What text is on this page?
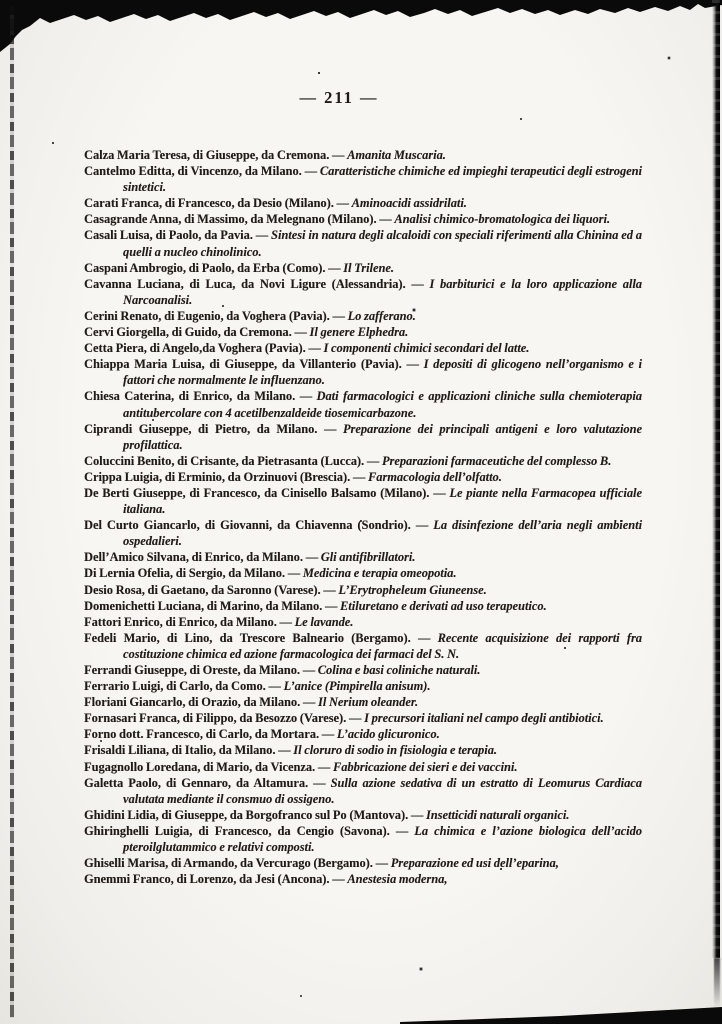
— 211 —

Calza Maria Teresa, di Giuseppe, da Cremona. — Amanita Muscaria.

Cantelmo Editta, di Vincenzo, da Milano. — Caratteristiche chimiche ed impieghi terapeutici degli estrogeni sintetici.

Carati Franca, di Francesco, da Desio (Milano). — Aminoacidi assidrilati.

Casagrande Anna, di Massimo, da Melegnano (Milano). — Analisi chimico-bromatologica dei liquori.

Casali Luisa, di Paolo, da Pavia. — Sintesi in natura degli alcaloidi con speciali riferimenti alla Chinina ed a quelli a nucleo chinolinico.

Caspani Ambrogio, di Paolo, da Erba (Como). — Il Trilene.

Cavanna Luciana, di Luca, da Novi Ligure (Alessandria). — I barbiturici e la loro applicazione alla Narcoanalisi.

Cerini Renato, di Eugenio, da Voghera (Pavia). — Lo zafferano.

Cervi Giorgella, di Guido, da Cremona. — Il genere Elphedra.

Cetta Piera, di Angelo,da Voghera (Pavia). — I componenti chimici secondari del latte.

Chiappa Maria Luisa, di Giuseppe, da Villanterio (Pavia). — I depositi di glicogeno nell’organismo e i fattori che normalmente le influenzano.

Chiesa Caterina, di Enrico, da Milano. — Dati farmacologici e applicazioni cliniche sulla chemioterapia antitubercolare con 4 acetilbenzaldeide tiosemicarbazone.

Ciprandi Giuseppe, di Pietro, da Milano. — Preparazione dei principali antigeni e loro valutazione profilattica.

Coluccini Benito, di Crisante, da Pietrasanta (Lucca). — Preparazioni farmaceutiche del complesso B.

Crippa Luigia, di Erminio, da Orzinuovi (Brescia). — Farmacologia dell’olfatto.

De Berti Giuseppe, di Francesco, da Cinisello Balsamo (Milano). — Le piante nella Farmacopea ufficiale italiana.

Del Curto Giancarlo, di Giovanni, da Chiavenna (Sondrio). — La disinfezione dell’aria negli ambienti ospedalieri.

Dell’Amico Silvana, di Enrico, da Milano. — Gli antifibrillatori.

Di Lernia Ofelia, di Sergio, da Milano. — Medicina e terapia omeopotia.

Desio Rosa, di Gaetano, da Saronno (Varese). — L’Erytropheleum Giuneense.

Domenichetti Luciana, di Marino, da Milano. — Etiluretano e derivati ad uso terapeutico.

Fattori Enrico, di Enrico, da Milano. — Le lavande.

Fedeli Mario, di Lino, da Trescore Balneario (Bergamo). — Recente acquisizione dei rapporti fra costituzione chimica ed azione farmacologica dei farmaci del S. N.

Ferrandi Giuseppe, di Oreste, da Milano. — Colina e basi coliniche naturali.

Ferrario Luigi, di Carlo, da Como. — L’anice (Pimpirella anisum).

Floriani Giancarlo, di Orazio, da Milano. — Il Nerium oleander.

Fornasari Franca, di Filippo, da Besozzo (Varese). — I precursori italiani nel campo degli antibiotici.

Forno dott. Francesco, di Carlo, da Mortara. — L’acido glicuronico.

Frisaldi Liliana, di Italio, da Milano. — Il cloruro di sodio in fisiologia e terapia.

Fugagnollo Loredana, di Mario, da Vicenza. — Fabbricazione dei sieri e dei vaccini.

Galetta Paolo, di Gennaro, da Altamura. — Sulla azione sedativa di un estratto di Leomurus Cardiaca valutata mediante il consmuo di ossigeno.

Ghidini Lidia, di Giuseppe, da Borgofranco sul Po (Mantova). — Insetticidi naturali organici.

Ghiringhelli Luigia, di Francesco, da Cengio (Savona). — La chimica e l’azione biologica dell’acido pteroilglutammico e relativi composti.

Ghiselli Marisa, di Armando, da Vercurago (Bergamo). — Preparazione ed usi dell’eparina,

Gnemmi Franco, di Lorenzo, da Jesi (Ancona). — Anestesia moderna,
